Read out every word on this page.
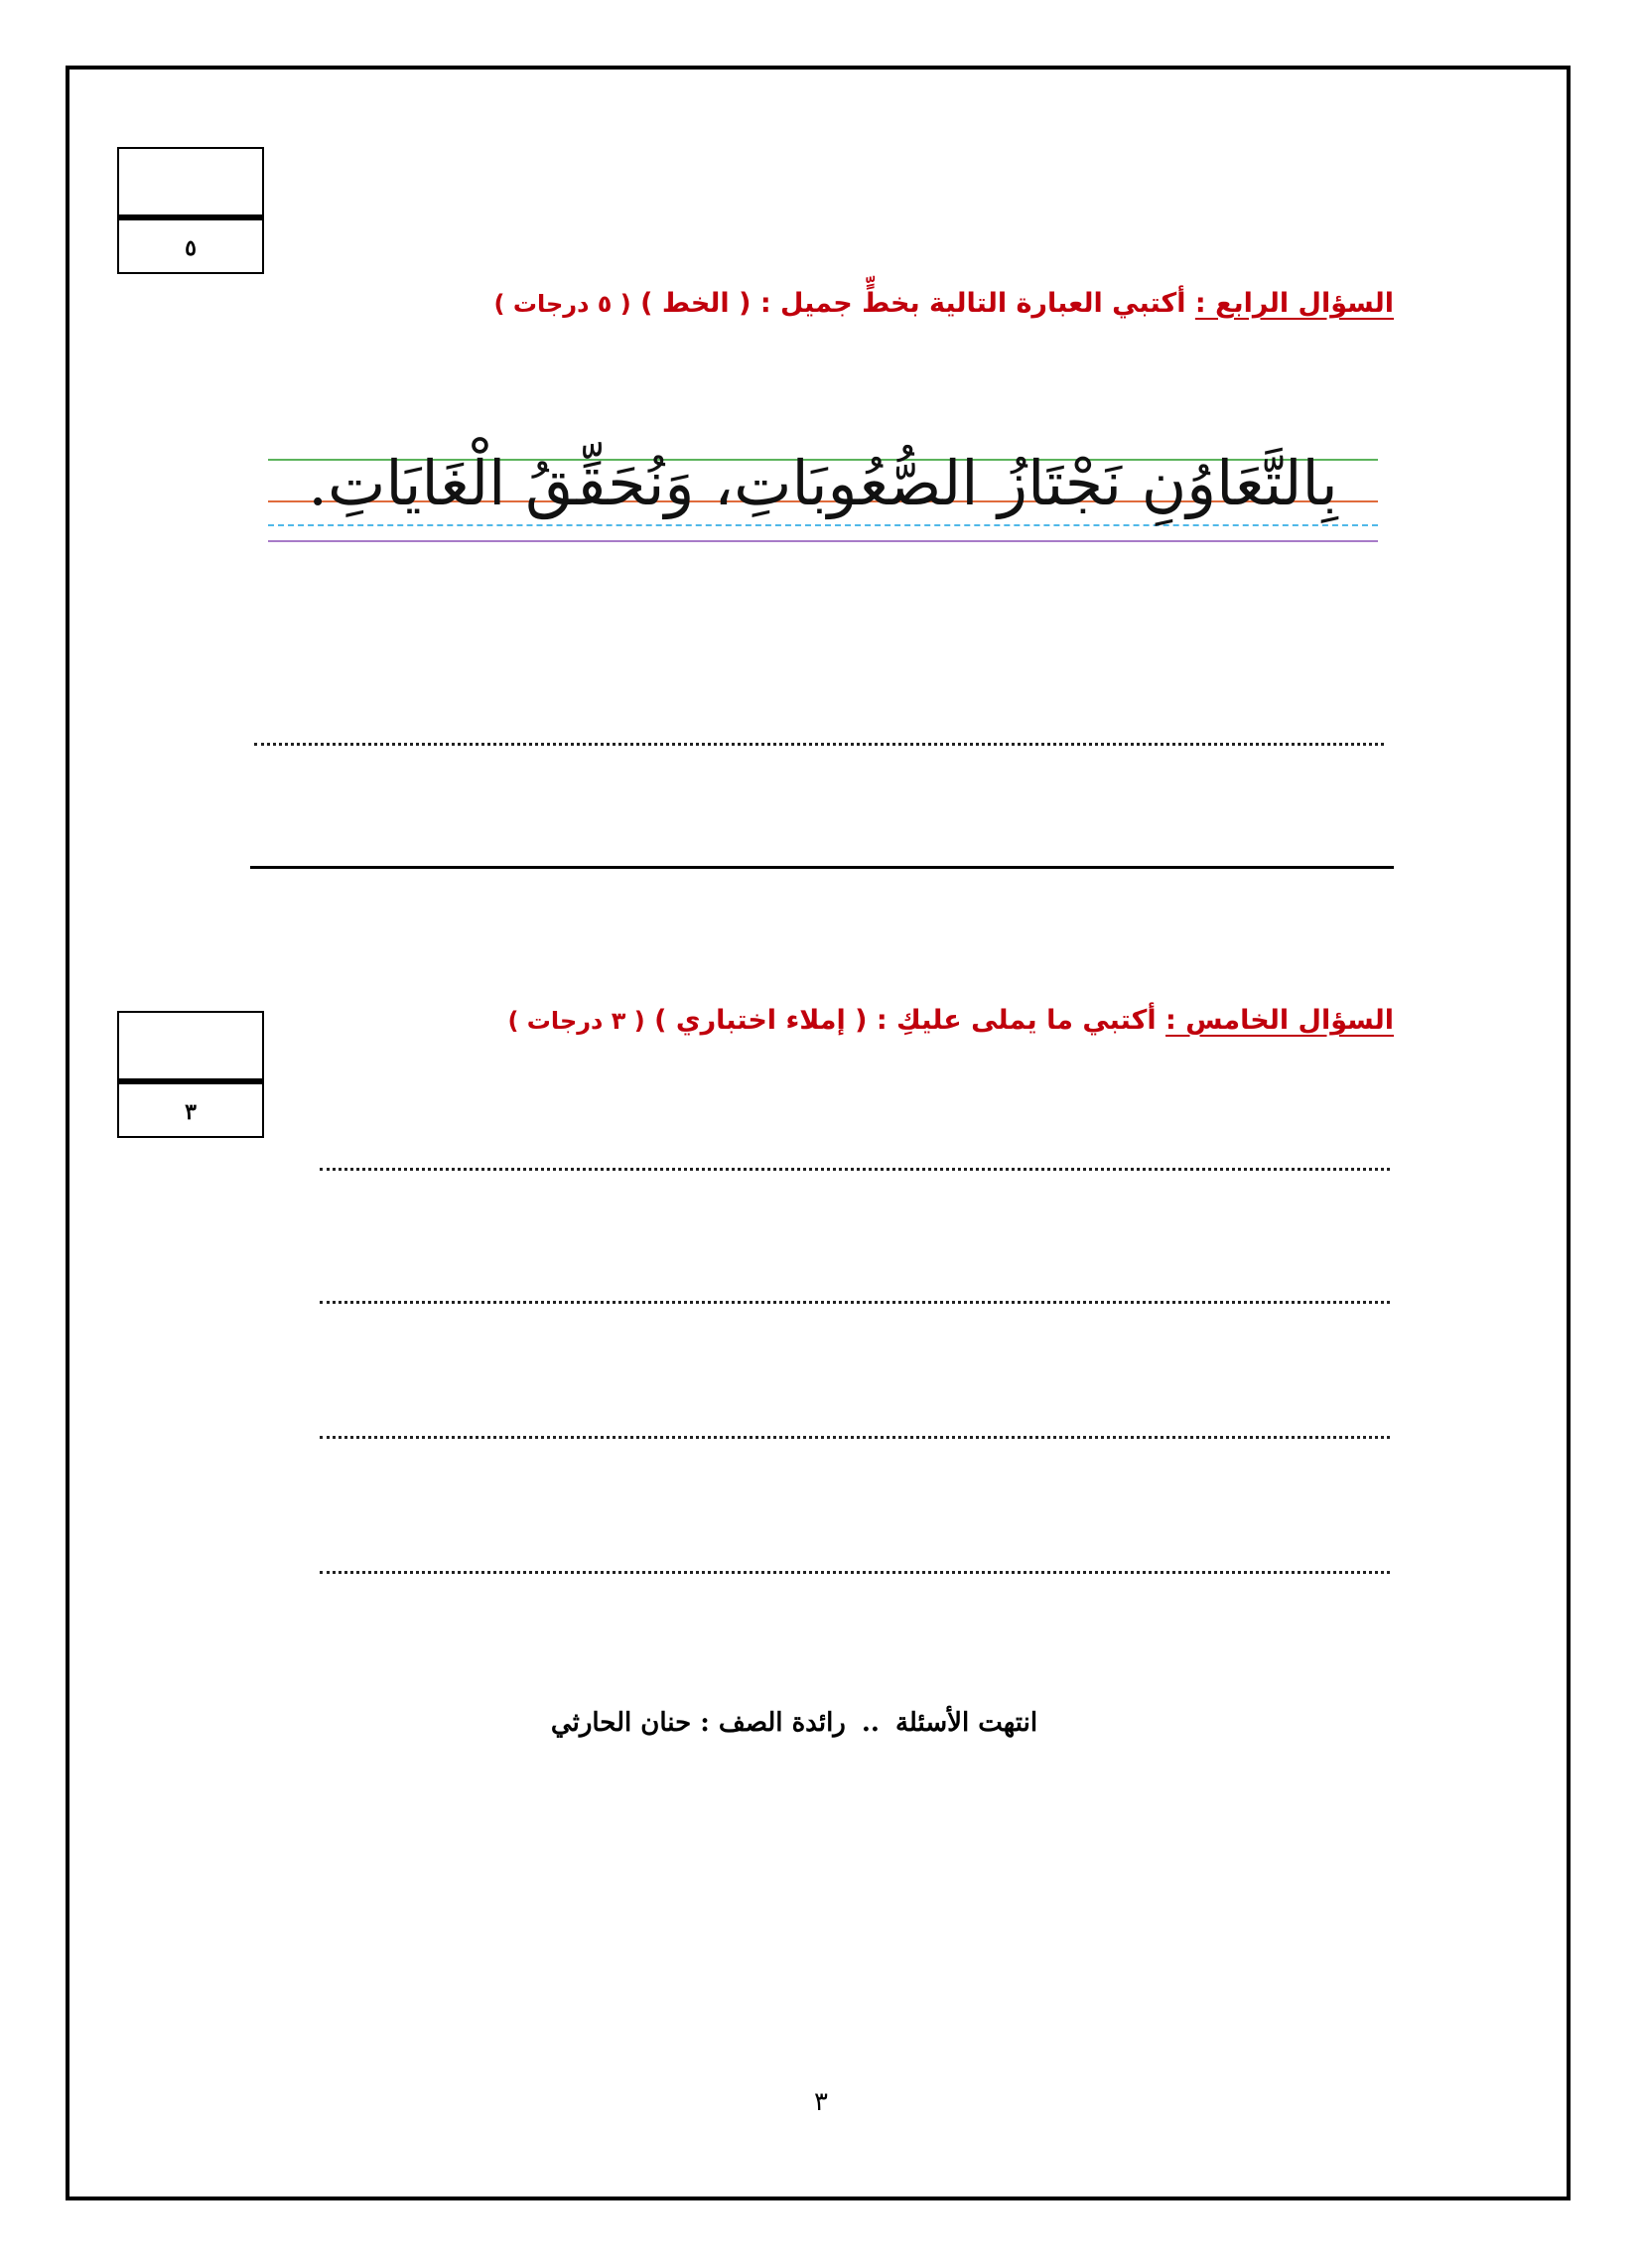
٥
السؤال الرابع : أكتبي العبارة التالية بخطٍّ جميل : ( الخط ) ( ٥ درجات )
بِالتَّعَاوُنِ نَجْتَازُ الصُّعُوبَاتِ، وَنُحَقِّقُ الْغَايَاتِ.
٣
السؤال الخامس : أكتبي ما يملى عليكِ : ( إملاء اختباري ) ( ٣ درجات )
انتهت الأسئلة..رائدة الصف : حنان الحارثي
٣
